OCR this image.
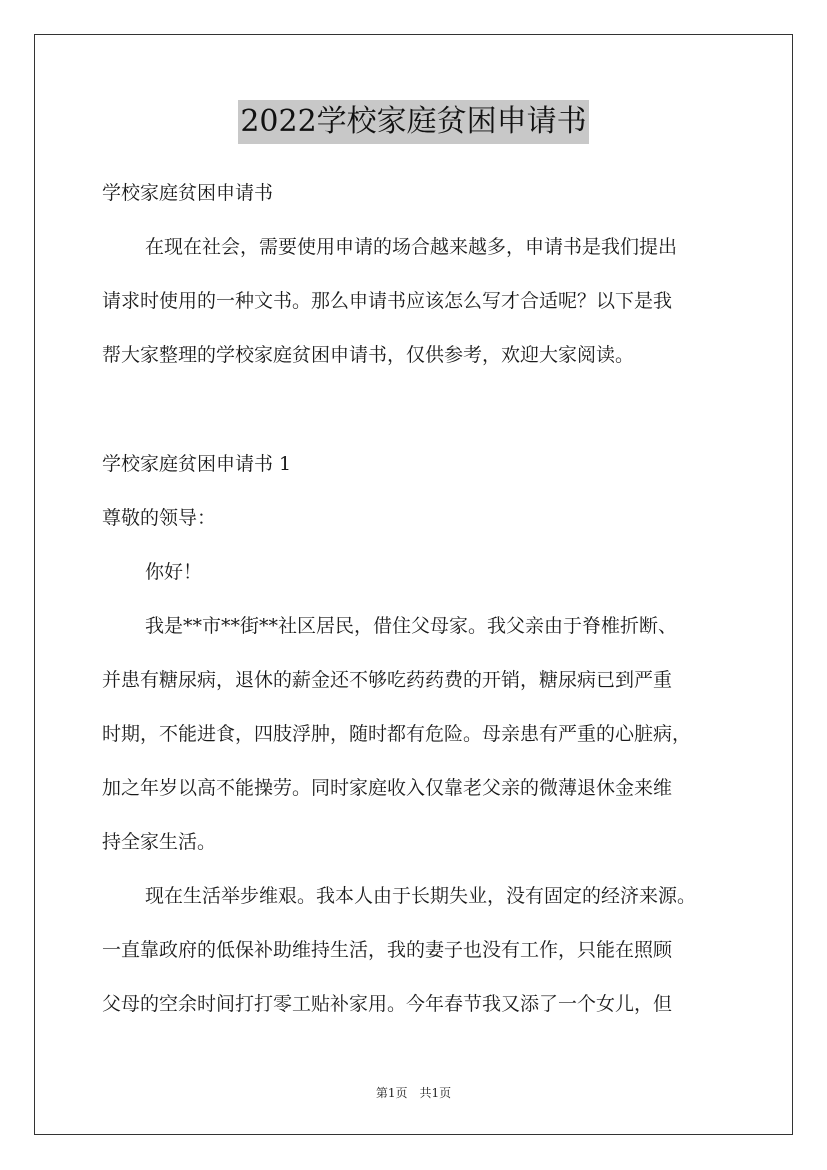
2022学校家庭贫困申请书
学校家庭贫困申请书
在现在社会，需要使用申请的场合越来越多，申请书是我们提出
请求时使用的一种文书。那么申请书应该怎么写才合适呢？以下是我
帮大家整理的学校家庭贫困申请书，仅供参考，欢迎大家阅读。
学校家庭贫困申请书 1
尊敬的领导：
你好！
我是**市**街**社区居民，借住父母家。我父亲由于脊椎折断、
并患有糖尿病，退休的薪金还不够吃药药费的开销，糖尿病已到严重
时期，不能进食，四肢浮肿，随时都有危险。母亲患有严重的心脏病，
加之年岁以高不能操劳。同时家庭收入仅靠老父亲的微薄退休金来维
持全家生活。
现在生活举步维艰。我本人由于长期失业，没有固定的经济来源。
一直靠政府的低保补助维持生活，我的妻子也没有工作，只能在照顾
父母的空余时间打打零工贴补家用。今年春节我又添了一个女儿，但
第1页 共1页
